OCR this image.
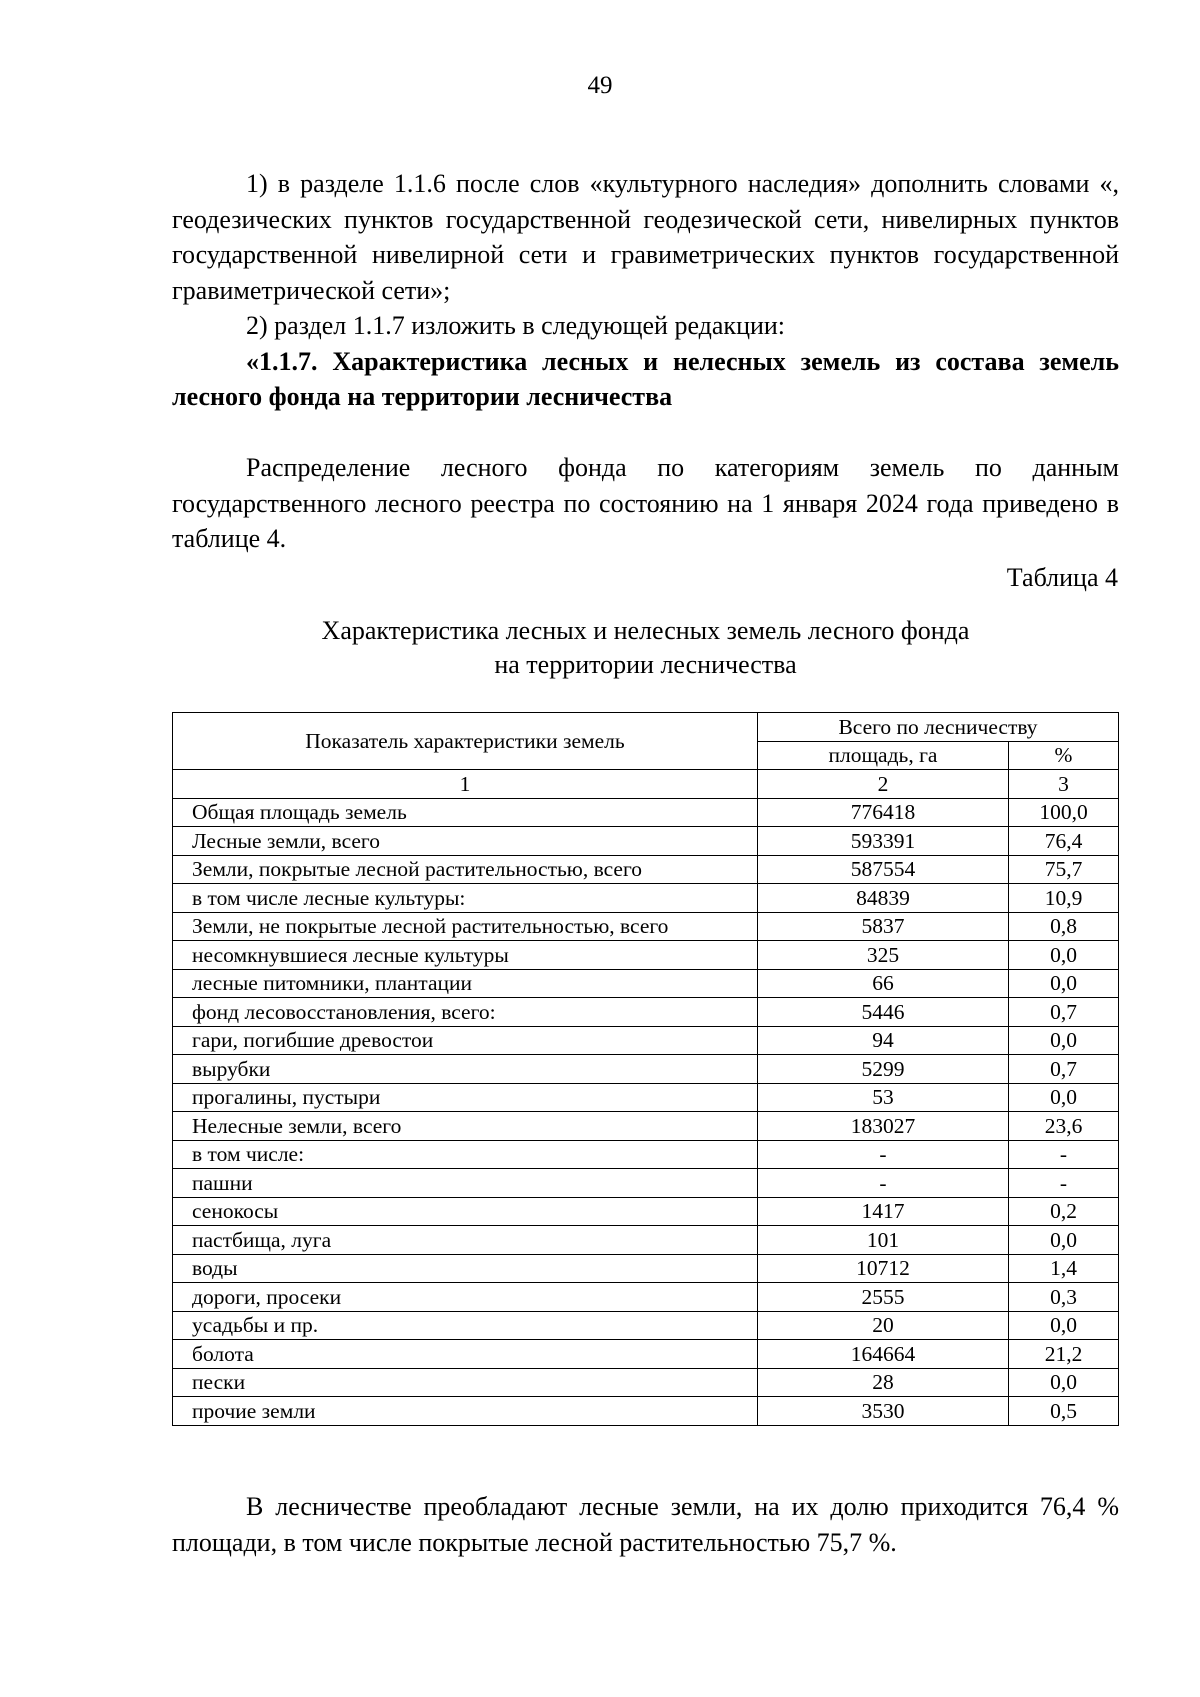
49

1) в разделе 1.1.6 после слов «культурного наследия» дополнить словами «, геодезических пунктов государственной геодезической сети, нивелирных пунктов государственной нивелирной сети и гравиметрических пунктов государственной гравиметрической сети»;

2) раздел 1.1.7 изложить в следующей редакции:

«1.1.7. Характеристика лесных и нелесных земель из состава земель лесного фонда на территории лесничества

Распределение лесного фонда по категориям земель по данным государственного лесного реестра по состоянию на 1 января 2024 года приведено в таблице 4.

Таблица 4
Характеристика лесных и нелесных земель лесного фонда
на территории лесничества
Показатель характеристики земель	Всего по лесничеству	
	площадь, га	%
1	2	3
Общая площадь земель	776418	100,0
Лесные земли, всего	593391	76,4
Земли, покрытые лесной растительностью, всего	587554	75,7
в том числе лесные культуры:	84839	10,9
Земли, не покрытые лесной растительностью, всего	5837	0,8
несомкнувшиеся лесные культуры	325	0,0
лесные питомники, плантации	66	0,0
фонд лесовосстановления, всего:	5446	0,7
гари, погибшие древостои	94	0,0
вырубки	5299	0,7
прогалины, пустыри	53	0,0
Нелесные земли, всего	183027	23,6
в том числе:	-	-
пашни	-	-
сенокосы	1417	0,2
пастбища, луга	101	0,0
воды	10712	1,4
дороги, просеки	2555	0,3
усадьбы и пр.	20	0,0
болота	164664	21,2
пески	28	0,0
прочие земли	3530	0,5

В лесничестве преобладают лесные земли, на их долю приходится 76,4 % площади, в том числе покрытые лесной растительностью 75,7 %.
